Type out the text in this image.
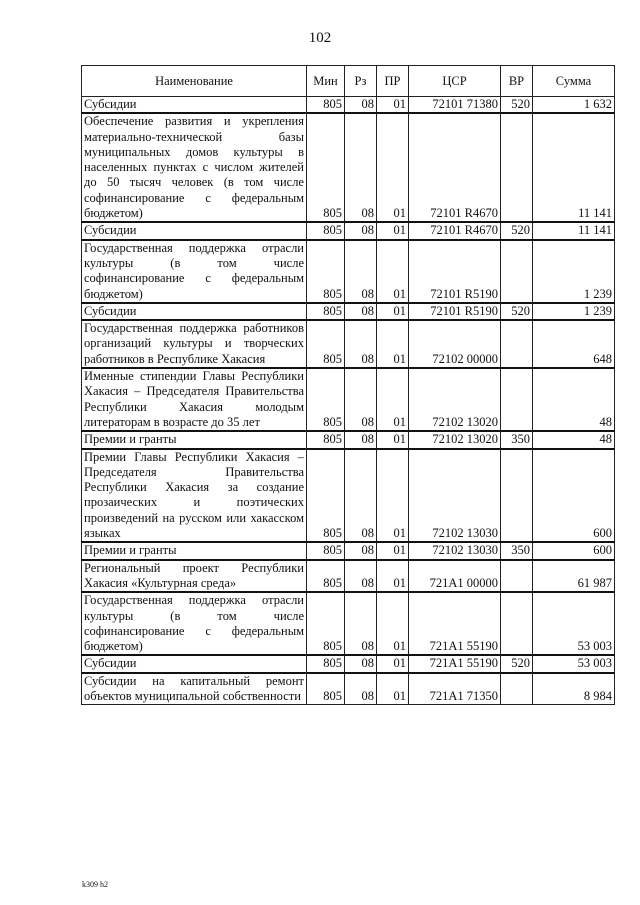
102
Наименование	Мин	Рз	ПР	ЦСР	ВР	Сумма
Субсидии	805	08	01	72101 71380	520	1 632
Обеспечение развития и укрепления материально-технической базы муниципальных домов культуры в населенных пунктах с числом жителей до 50 тысяч человек (в том числе софинансирование с федеральным бюджетом)	805	08	01	72101 R4670		11 141
Субсидии	805	08	01	72101 R4670	520	11 141
Государственная поддержка отрасли культуры (в том числе софинансирование с федеральным бюджетом)	805	08	01	72101 R5190		1 239
Субсидии	805	08	01	72101 R5190	520	1 239
Государственная поддержка работников организаций культуры и творческих работников в Республике Хакасия	805	08	01	72102 00000		648
Именные стипендии Главы Республики Хакасия – Председателя Правительства Республики Хакасия молодым литераторам в возрасте до 35 лет	805	08	01	72102 13020		48
Премии и гранты	805	08	01	72102 13020	350	48
Премии Главы Республики Хакасия – Председателя Правительства Республики Хакасия за создание прозаических и поэтических произведений на русском или хакасском языках	805	08	01	72102 13030		600
Премии и гранты	805	08	01	72102 13030	350	600
Региональный проект Республики Хакасия «Культурная среда»	805	08	01	721A1 00000		61 987
Государственная поддержка отрасли культуры (в том числе софинансирование с федеральным бюджетом)	805	08	01	721A1 55190		53 003
Субсидии	805	08	01	721A1 55190	520	53 003
Субсидии на капитальный ремонт объектов муниципальной собственности	805	08	01	721A1 71350		8 984
k309 h2
